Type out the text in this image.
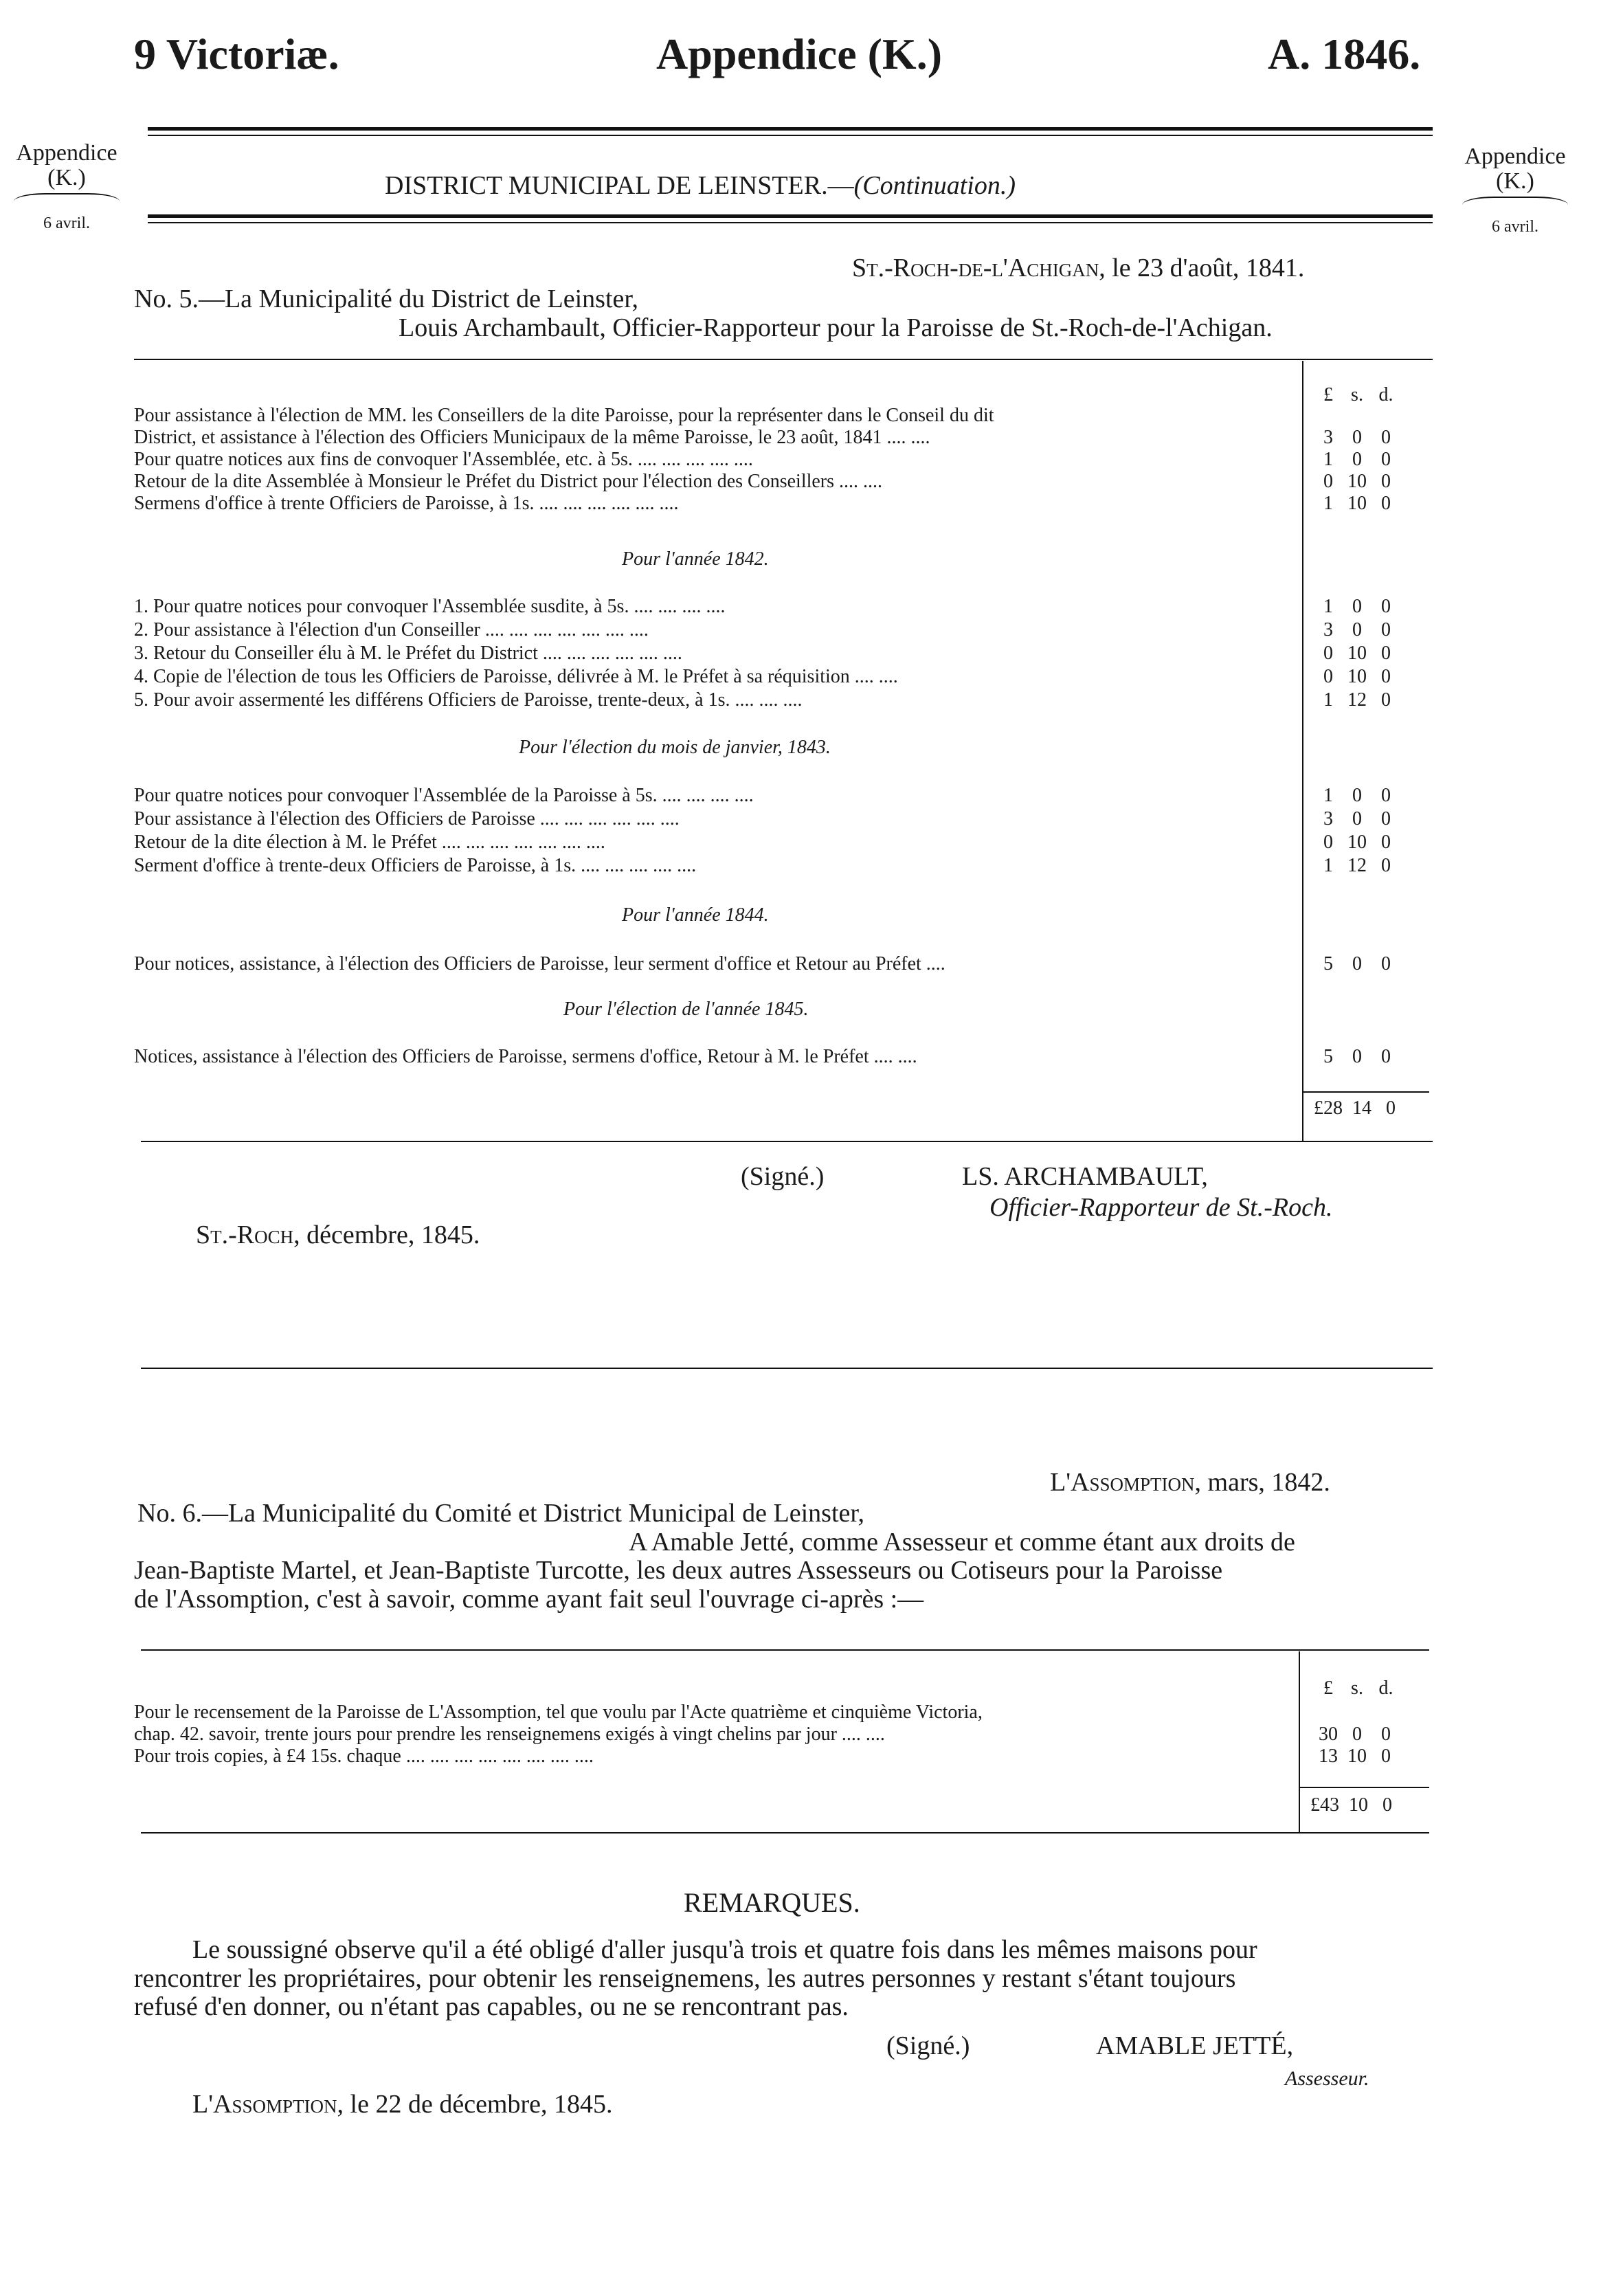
9 Victoriæ.	Appendice (K.)	A. 1846.
Appendice
(K.)
6 avril.
Appendice
(K.)
6 avril.
DISTRICT MUNICIPAL DE LEINSTER.—(Continuation.)
St.-Roch-de-l'Achigan, le 23 d'août, 1841.
No. 5.—La Municipalité du District de Leinster,
Louis Archambault, Officier-Rapporteur pour la Paroisse de St.-Roch-de-l'Achigan.
£ s. d.
Pour assistance à l'élection de MM. les Conseillers de la dite Paroisse, pour la représenter dans le Conseil du dit
District, et assistance à l'élection des Officiers Municipaux de la même Paroisse, le 23 août, 1841 .... ....	3 0 0
Pour quatre notices aux fins de convoquer l'Assemblée, etc. à 5s. .... .... .... .... ....	1 0 0
Retour de la dite Assemblée à Monsieur le Préfet du District pour l'élection des Conseillers .... ....	0 10 0
Sermens d'office à trente Officiers de Paroisse, à 1s. .... .... .... .... .... ....	1 10 0
Pour l'année 1842.
1. Pour quatre notices pour convoquer l'Assemblée susdite, à 5s. .... .... .... ....	1 0 0
2. Pour assistance à l'élection d'un Conseiller .... .... .... .... .... .... ....	3 0 0
3. Retour du Conseiller élu à M. le Préfet du District .... .... .... .... .... ....	0 10 0
4. Copie de l'élection de tous les Officiers de Paroisse, délivrée à M. le Préfet à sa réquisition .... ....	0 10 0
5. Pour avoir assermenté les différens Officiers de Paroisse, trente-deux, à 1s. .... .... ....	1 12 0
Pour l'élection du mois de janvier, 1843.
Pour quatre notices pour convoquer l'Assemblée de la Paroisse à 5s. .... .... .... ....	1 0 0
Pour assistance à l'élection des Officiers de Paroisse .... .... .... .... .... ....	3 0 0
Retour de la dite élection à M. le Préfet .... .... .... .... .... .... ....	0 10 0
Serment d'office à trente-deux Officiers de Paroisse, à 1s. .... .... .... .... ....	1 12 0
Pour l'année 1844.
Pour notices, assistance, à l'élection des Officiers de Paroisse, leur serment d'office et Retour au Préfet ....	5 0 0
Pour l'élection de l'année 1845.
Notices, assistance à l'élection des Officiers de Paroisse, sermens d'office, Retour à M. le Préfet .... ....	5 0 0
£28 14 0
(Signé.)	LS. ARCHAMBAULT,
Officier-Rapporteur de St.-Roch.
St.-Roch, décembre, 1845.
L'Assomption, mars, 1842.
No. 6.—La Municipalité du Comité et District Municipal de Leinster,
A Amable Jetté, comme Assesseur et comme étant aux droits de
Jean-Baptiste Martel, et Jean-Baptiste Turcotte, les deux autres Assesseurs ou Cotiseurs pour la Paroisse
de l'Assomption, c'est à savoir, comme ayant fait seul l'ouvrage ci-après :—
£ s. d.
Pour le recensement de la Paroisse de L'Assomption, tel que voulu par l'Acte quatrième et cinquième Victoria,
chap. 42. savoir, trente jours pour prendre les renseignemens exigés à vingt chelins par jour .... ....	30 0 0
Pour trois copies, à £4 15s. chaque .... .... .... .... .... .... .... ....	13 10 0
£43 10 0
REMARQUES.
Le soussigné observe qu'il a été obligé d'aller jusqu'à trois et quatre fois dans les mêmes maisons pour
rencontrer les propriétaires, pour obtenir les renseignemens, les autres personnes y restant s'étant toujours
refusé d'en donner, ou n'étant pas capables, ou ne se rencontrant pas.
(Signé.)	AMABLE JETTÉ,
Assesseur.
L'Assomption, le 22 de décembre, 1845.
